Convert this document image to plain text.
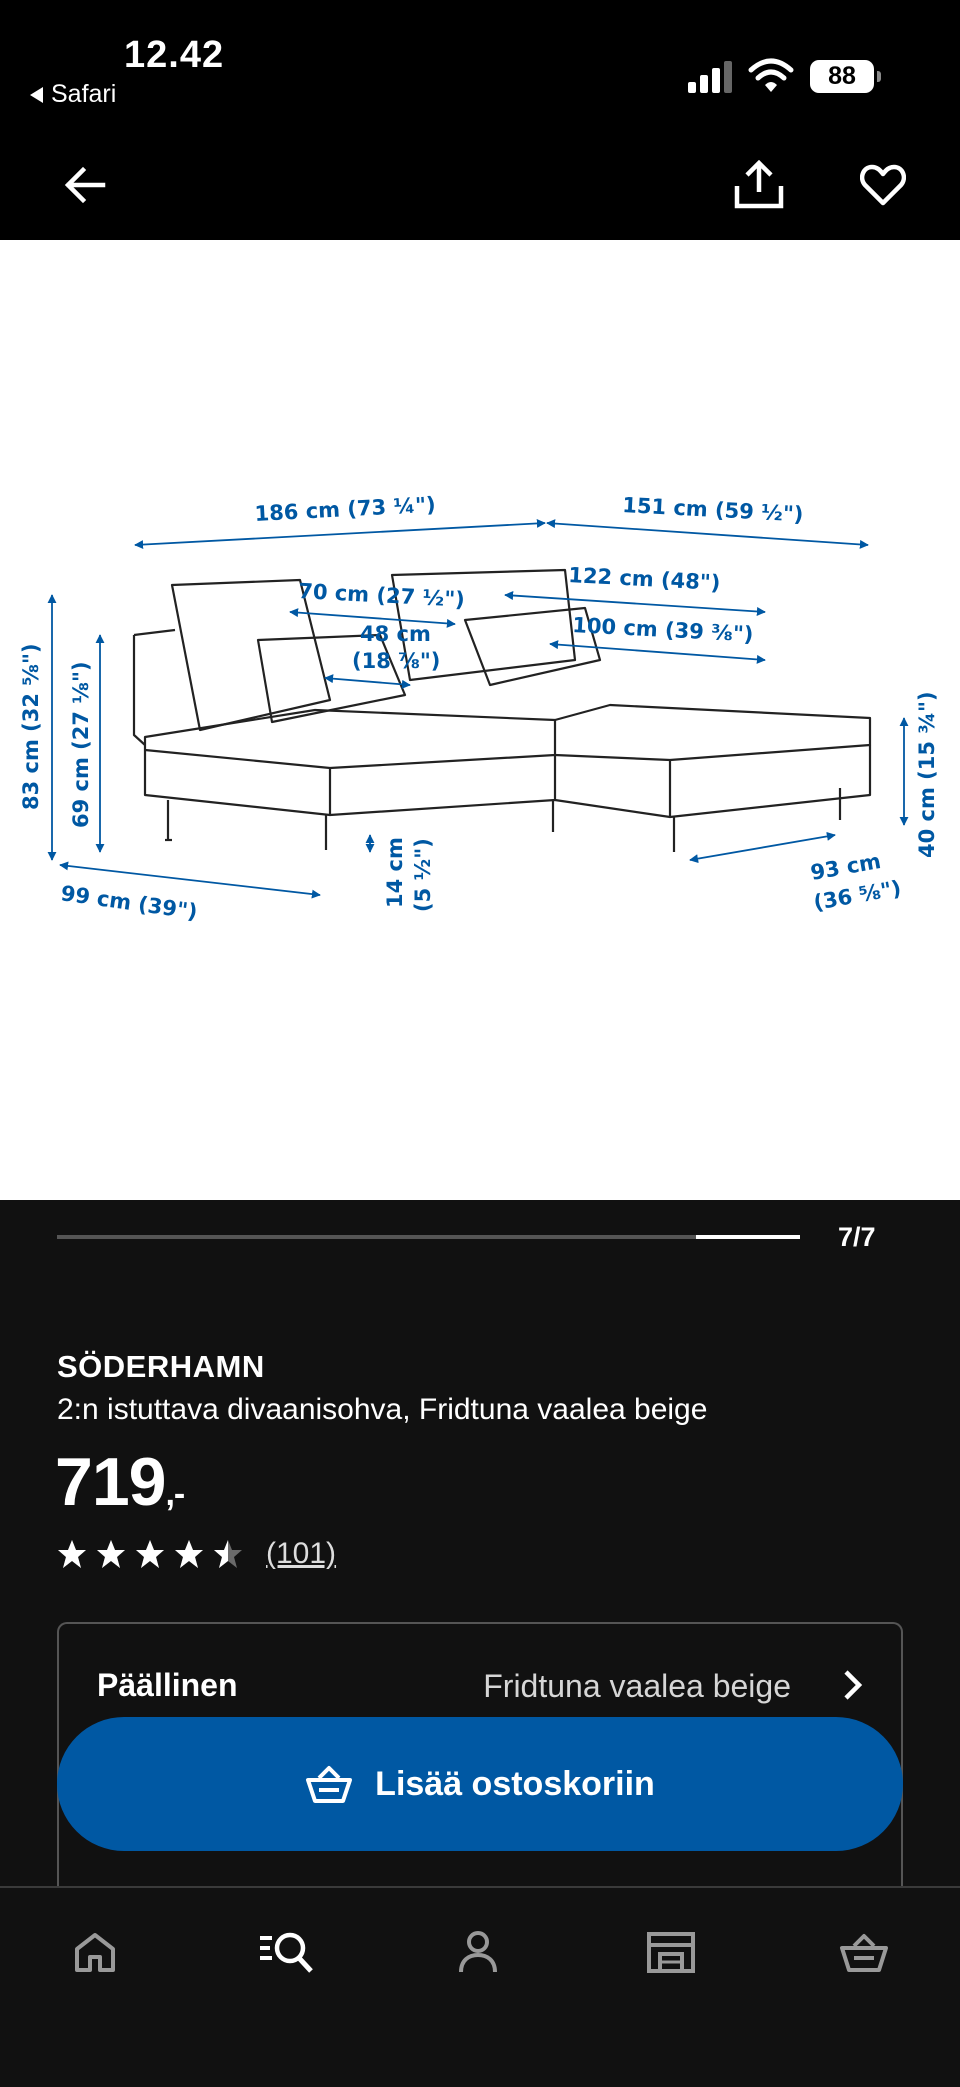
12.42
Safari
88
186 cm (73 ¼")	151 cm (59 ½")
70 cm (27 ½")
122 cm (48")
48 cm
(18 ⅞")
100 cm (39 ⅜")
83 cm (32 ⅝") 69 cm (27 ⅛")	40 cm (15 ¾")
14 cm (5 ½")
99 cm (39")
93 cm
(36 ⅝")
7/7
SÖDERHAMN
2:n istuttava divaanisohva, Fridtuna vaalea beige
719,-
(101)
Päällinen	Fridtuna vaalea beige
Lisää ostoskoriin
